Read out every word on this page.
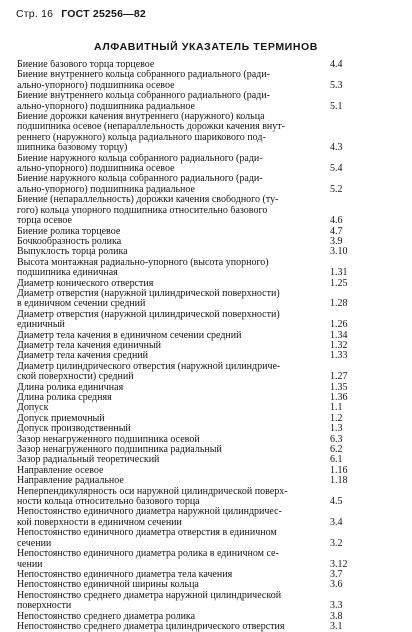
Стр. 16 ГОСТ 25256—82
АЛФАВИТНЫЙ УКАЗАТЕЛЬ ТЕРМИНОВ
Биение базового торца торцевое	4.4
Биение внутреннего кольца собранного радиального (ради-
ально-упорного) подшипника осевое	5.3
Биение внутреннего кольца собранного радиального (ради-
ально-упорного) подшипника радиальное	5.1
Биение дорожки качения внутреннего (наружного) кольца
подшипника осевое (непараллельность дорожки качения внут-
реннего (наружного) кольца радиального шарикового под-
шипника базовому торцу)	4.3
Биение наружного кольца собранного радиального (ради-
ально-упорного) подшипника осевое	5.4
Биение наружного кольца собранного радиального (ради-
ально-упорного) подшипника радиальное	5.2
Биение (непараллельность) дорожки качения свободного (ту-
гого) кольца упорного подшипника относительно базового
торца осевое	4.6
Биение ролика торцевое	4.7
Бочкообразность ролика	3.9
Выпуклость торца ролика	3.10
Высота монтажная радиально-упорного (высота упорного)
подшипника единичная	1.31
Диаметр конического отверстия	1.25
Диаметр отверстия (наружной цилиндрической поверхности)
в единичном сечении средний	1.28
Диаметр отверстия (наружной цилиндрической поверхности)
единичный	1.26
Диаметр тела качения в единичном сечении средний	1.34
Диаметр тела качения единичный	1.32
Диаметр тела качения средний	1.33
Диаметр цилиндрического отверстия (наружной цилиндриче-
ской поверхности) средний	1.27
Длина ролика единичная	1.35
Длина ролика средняя	1.36
Допуск	1.1
Допуск приемочный	1.2
Допуск производственный	1.3
Зазор ненагруженного подшипника осевой	6.3
Зазор ненагруженного подшипника радиальный	6.2
Зазор радиальный теоретический	6.1
Направление осевое	1.16
Направление радиальное	1.18
Неперпендикулярность оси наружной цилиндрической поверх-
ности кольца относительно базового торца	4.5
Непостоянство единичного диаметра наружной цилиндричес-
кой поверхности в единичном сечении	3.4
Непостоянство единичного диаметра отверстия в единичном
сечении	3.2
Непостоянство единичного диаметра ролика в единичном се-
чении	3.12
Непостоянство единичного диаметра тела качения	3.7
Непостоянство единичной ширины кольца	3.6
Непостоянство среднего диаметра наружной цилиндрической
поверхности	3.3
Непостоянство среднего диаметра ролика	3.8
Непостоянство среднего диаметра цилиндрического отверстия	3.1
